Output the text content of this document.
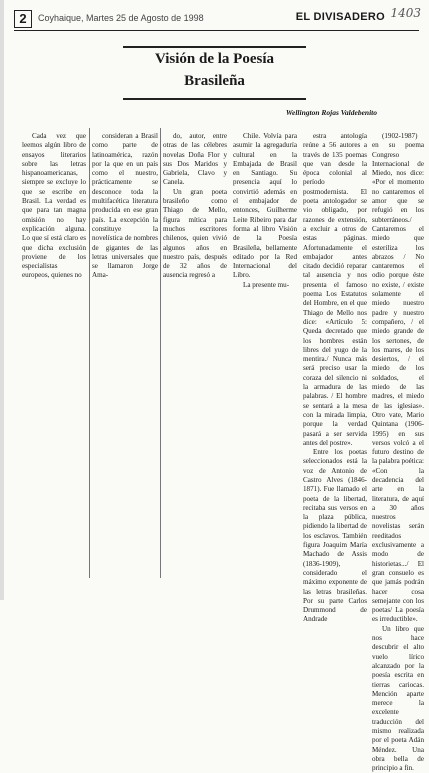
2	Coyhaique, Martes 25 de Agosto de 1998	EL DIVISADERO 1403
Visión de la Poesía
Brasileña
Wellington Rojas Valdebenito

Cada vez que leemos algún libro de ensayos literarios sobre las letras hispanoamericanas, siempre se excluye lo que se escribe en Brasil. La verdad es que para tan magna omisión no hay explicación alguna. Lo que sí está claro es que dicha exclusión proviene de los especialistas europeos, quienes no

consideran a Brasil como parte de latinoamérica, razón por la que en un país como el nuestro, prácticamente se desconoce toda la multifacética literatura producida en ese gran país. La excepción la constituye la novelística de nombres de gigantes de las letras universales que se llamaron Jorge Ama-

do, autor, entre otras de las célebres novelas Doña Flor y sus Dos Maridos y Gabriela, Clavo y Canela.

Un gran poeta brasileño como Thiago de Mello, figura mítica para muchos escritores chilenos, quien vivió algunos años en nuestro país, después de 32 años de ausencia regresó a

Chile. Volvía para asumir la agregaduría cultural en la Embajada de Brasil en Santiago. Su presencia aquí lo convirtió además en el embajador de entonces, Guilherme Leite Ribeiro para dar forma al libro Visión de la Poesía Brasileña, bellamente editado por la Red Internacional del Libro.

La presente mu-

estra antología reúne a 56 autores a través de 135 poemas que van desde la época colonial al período postmodernista. El poeta antologador se vio obligado, por razones de extensión, a excluir a otros de estas páginas. Afortunadamente el embajador antes citado decidió reparar tal ausencia y nos presenta el famoso poema Los Estatutos del Hombre, en el que Thiago de Mello nos dice: «Artículo 5: Queda decretado que los hombres están libres del yugo de la mentira./ Nunca más será preciso usar la coraza del silencio ni la armadura de las palabras. / El hombre se sentará a la mesa con la mirada limpia, porque la verdad pasará a ser servida antes del postre».

Entre los poetas seleccionados está la voz de Antonio de Castro Alves (1846-1871). Fue llamado el poeta de la libertad, recitaba sus versos en la plaza pública, pidiendo la libertad de los esclavos. También figura Joaquim María Machado de Assis (1836-1909), considerado el máximo exponente de las letras brasileñas. Por su parte Carlos Drummond de Andrade

(1902-1987) en su poema Congreso Internacional de Miedo, nos dice: «Por el momento no cantaremos el amor que se refugió en los subterráneos./ Cantaremos el miedo que esteriliza los abrazos / No cantaremos el odio porque éste no existe, / existe solamente el miedo nuestro padre y nuestro compañero, / el miedo grande de los sertones, de los mares, de los desiertos, / el miedo de los soldados, el miedo de las madres, el miedo de las iglesias». Otro vate, Mario Quintana (1906-1995) en sus versos volcó a el futuro destino de la palabra poética: «Con la decadencia del arte en la literatura, de aquí a 30 años nuestros novelistas serán reeditados exclusivamente a modo de historietas.../ El gran consuelo es que jamás podrán hacer cosa semejante con los poetas/ La poesía es irreductible».

Un libro que nos hace descubrir el alto vuelo lírico alcanzado por la poesía escrita en tierras cariocas. Mención aparte merece la excelente traducción del mismo realizada por el poeta Adán Méndez. Una obra bella de principio a fin.
